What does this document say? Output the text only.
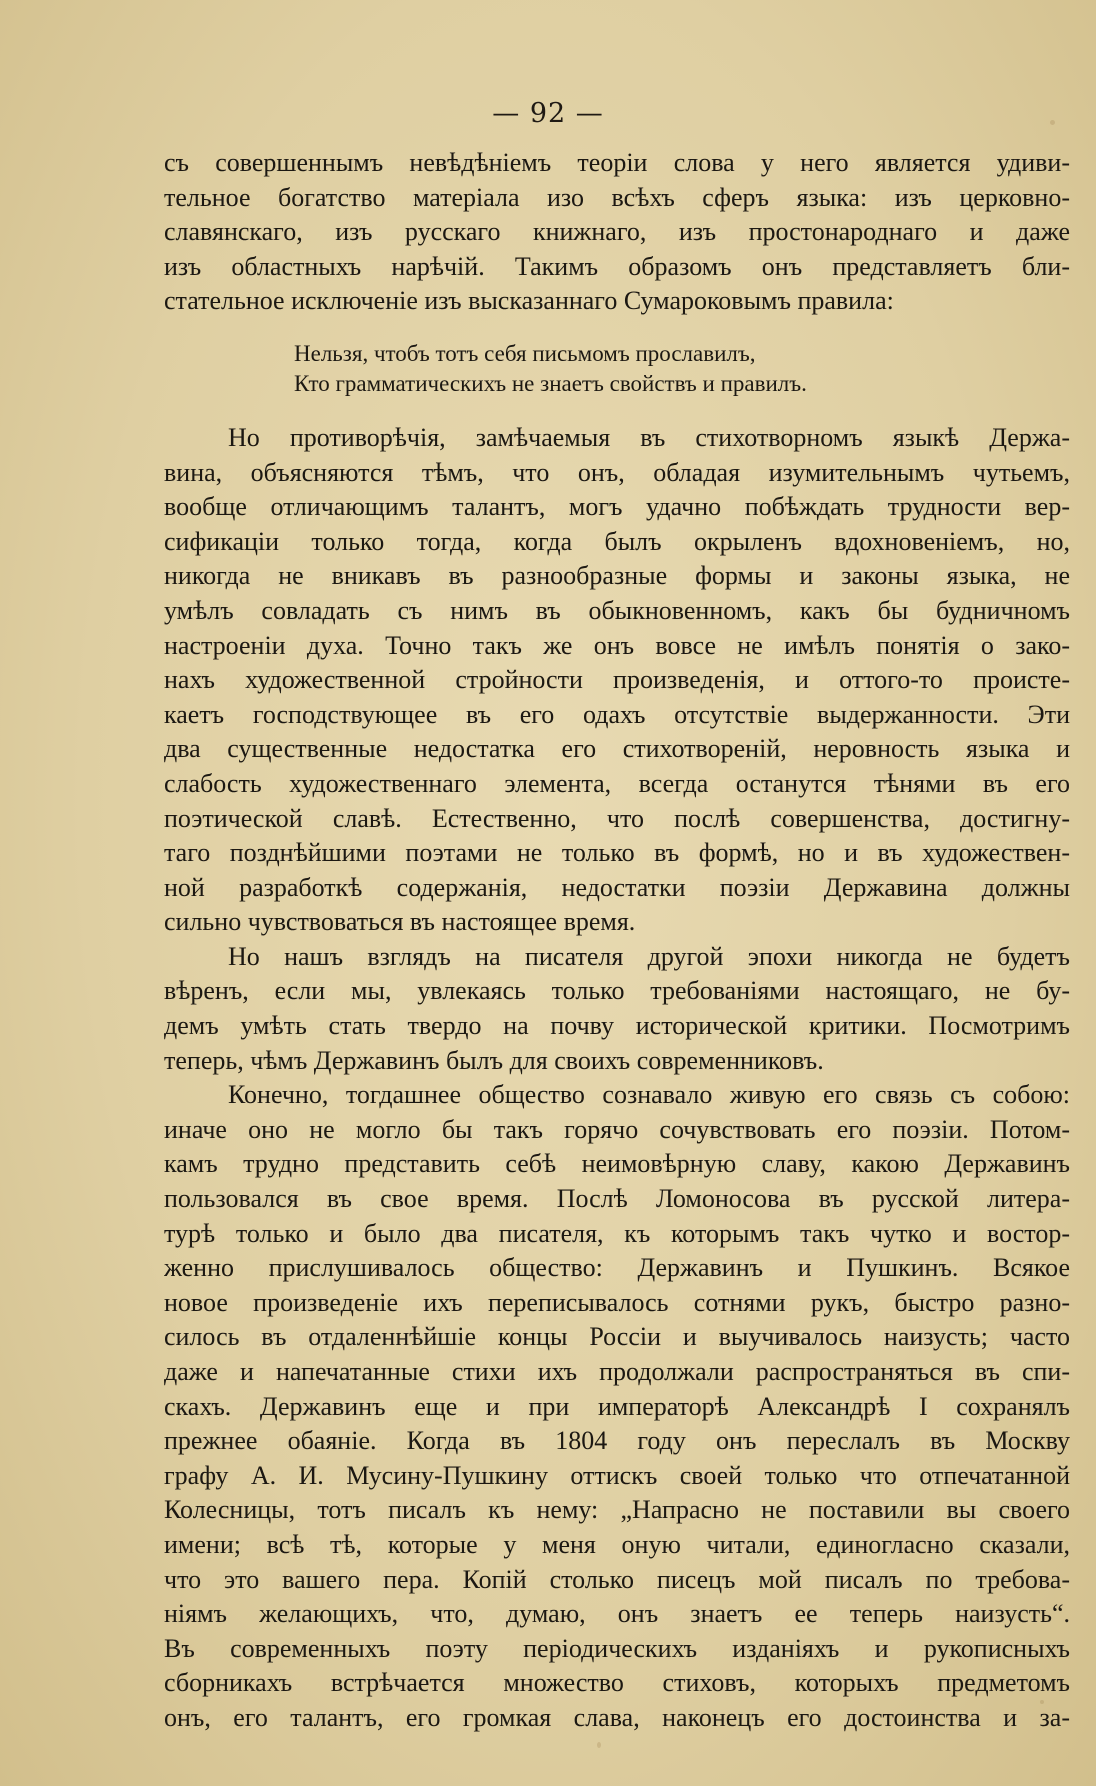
— 92 —
съ совершеннымъ невѣдѣніемъ теоріи слова у него является удиви-
тельное богатство матеріала изо всѣхъ сферъ языка: изъ церковно-
славянскаго, изъ русскаго книжнаго, изъ простонароднаго и даже
изъ областныхъ нарѣчій. Такимъ образомъ онъ представляетъ бли-
стательное исключеніе изъ высказаннаго Сумароковымъ правила:
Нельзя, чтобъ тотъ себя письмомъ прославилъ,
Кто грамматическихъ не знаетъ свойствъ и правилъ.
Но противорѣчія, замѣчаемыя въ стихотворномъ языкѣ Держа-
вина, объясняются тѣмъ, что онъ, обладая изумительнымъ чутьемъ,
вообще отличающимъ талантъ, могъ удачно побѣждать трудности вер-
сификаціи только тогда, когда былъ окрыленъ вдохновеніемъ, но,
никогда не вникавъ въ разнообразные формы и законы языка, не
умѣлъ совладать съ нимъ въ обыкновенномъ, какъ бы будничномъ
настроеніи духа. Точно такъ же онъ вовсе не имѣлъ понятія о зако-
нахъ художественной стройности произведенія, и оттого-то происте-
каетъ господствующее въ его одахъ отсутствіе выдержанности. Эти
два существенные недостатка его стихотвореній, неровность языка и
слабость художественнаго элемента, всегда останутся тѣнями въ его
поэтической славѣ. Естественно, что послѣ совершенства, достигну-
таго позднѣйшими поэтами не только въ формѣ, но и въ художествен-
ной разработкѣ содержанія, недостатки поэзіи Державина должны
сильно чувствоваться въ настоящее время.
Но нашъ взглядъ на писателя другой эпохи никогда не будетъ
вѣренъ, если мы, увлекаясь только требованіями настоящаго, не бу-
демъ умѣть стать твердо на почву исторической критики. Посмотримъ
теперь, чѣмъ Державинъ былъ для своихъ современниковъ.
Конечно, тогдашнее общество сознавало живую его связь съ собою:
иначе оно не могло бы такъ горячо сочувствовать его поэзіи. Потом-
камъ трудно представить себѣ неимовѣрную славу, какою Державинъ
пользовался въ свое время. Послѣ Ломоносова въ русской литера-
турѣ только и было два писателя, къ которымъ такъ чутко и востор-
женно прислушивалось общество: Державинъ и Пушкинъ. Всякое
новое произведеніе ихъ переписывалось сотнями рукъ, быстро разно-
силось въ отдаленнѣйшіе концы Россіи и выучивалось наизусть; часто
даже и напечатанные стихи ихъ продолжали распространяться въ спи-
скахъ. Державинъ еще и при императорѣ Александрѣ I сохранялъ
прежнее обаяніе. Когда въ 1804 году онъ переслалъ въ Москву
графу А. И. Мусину-Пушкину оттискъ своей только что отпечатанной
Колесницы, тотъ писалъ къ нему: „Напрасно не поставили вы своего
имени; всѣ тѣ, которые у меня оную читали, единогласно сказали,
что это вашего пера. Копій столько писецъ мой писалъ по требова-
ніямъ желающихъ, что, думаю, онъ знаетъ ее теперь наизусть“.
Въ современныхъ поэту періодическихъ изданіяхъ и рукописныхъ
сборникахъ встрѣчается множество стиховъ, которыхъ предметомъ
онъ, его талантъ, его громкая слава, наконецъ его достоинства и за-
